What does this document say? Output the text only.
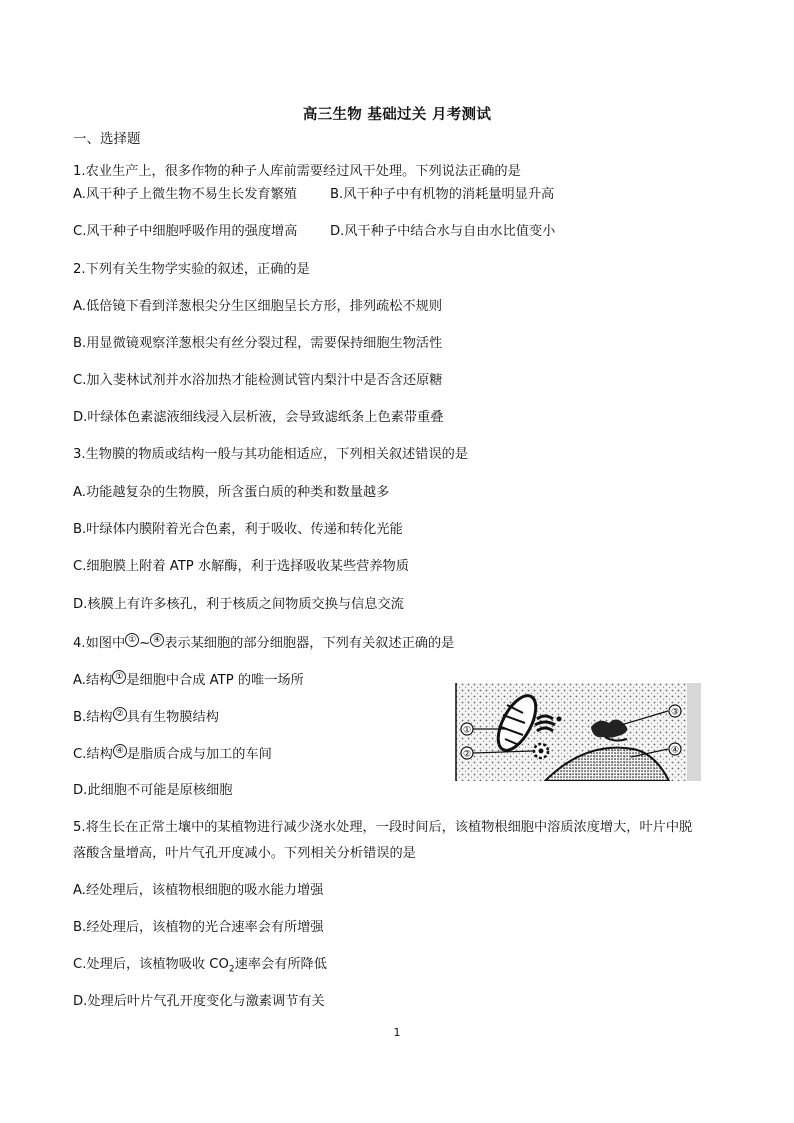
高三生物 基础过关 月考测试
一、选择题
1.农业生产上，很多作物的种子人库前需要经过风干处理。下列说法正确的是
A.风干种子上微生物不易生长发育繁殖	B.风干种子中有机物的消耗量明显升高
C.风干种子中细胞呼吸作用的强度增高 D.风干种子中结合水与自由水比值变小
2.下列有关生物学实验的叙述，正确的是
A.低倍镜下看到洋葱根尖分生区细胞呈长方形，排列疏松不规则
B.用显微镜观察洋葱根尖有丝分裂过程，需要保持细胞生物活性
C.加入斐林试剂并水浴加热才能检测试管内梨汁中是否含还原糖
D.叶绿体色素滤液细线浸入层析液，会导致滤纸条上色素带重叠
3.生物膜的物质或结构一般与其功能相适应，下列相关叙述错误的是
A.功能越复杂的生物膜，所含蛋白质的种类和数量越多
B.叶绿体内膜附着光合色素，利于吸收、传递和转化光能
C.细胞膜上附着 ATP 水解酶，利于选择吸收某些营养物质
D.核膜上有许多核孔，利于核质之间物质交换与信息交流
4.如图中 ① ~ ④ 表示某细胞的部分细胞器，下列有关叙述正确的是
A.结构 ① 是细胞中合成 ATP 的唯一场所
B.结构 ② 具有生物膜结构
C.结构 ④ 是脂质合成与加工的车间
D.此细胞不可能是原核细胞
①
②
③
④
5.将生长在正常土壤中的某植物进行减少浇水处理，一段时间后，该植物根细胞中溶质浓度增大，叶片中脱
落酸含量增高，叶片气孔开度减小。下列相关分析错误的是
A.经处理后，该植物根细胞的吸水能力增强
B.经处理后，该植物的光合速率会有所增强
C.处理后，该植物吸收 $CO_2$速率会有所降低
D.处理后叶片气孔开度变化与激素调节有关
1
